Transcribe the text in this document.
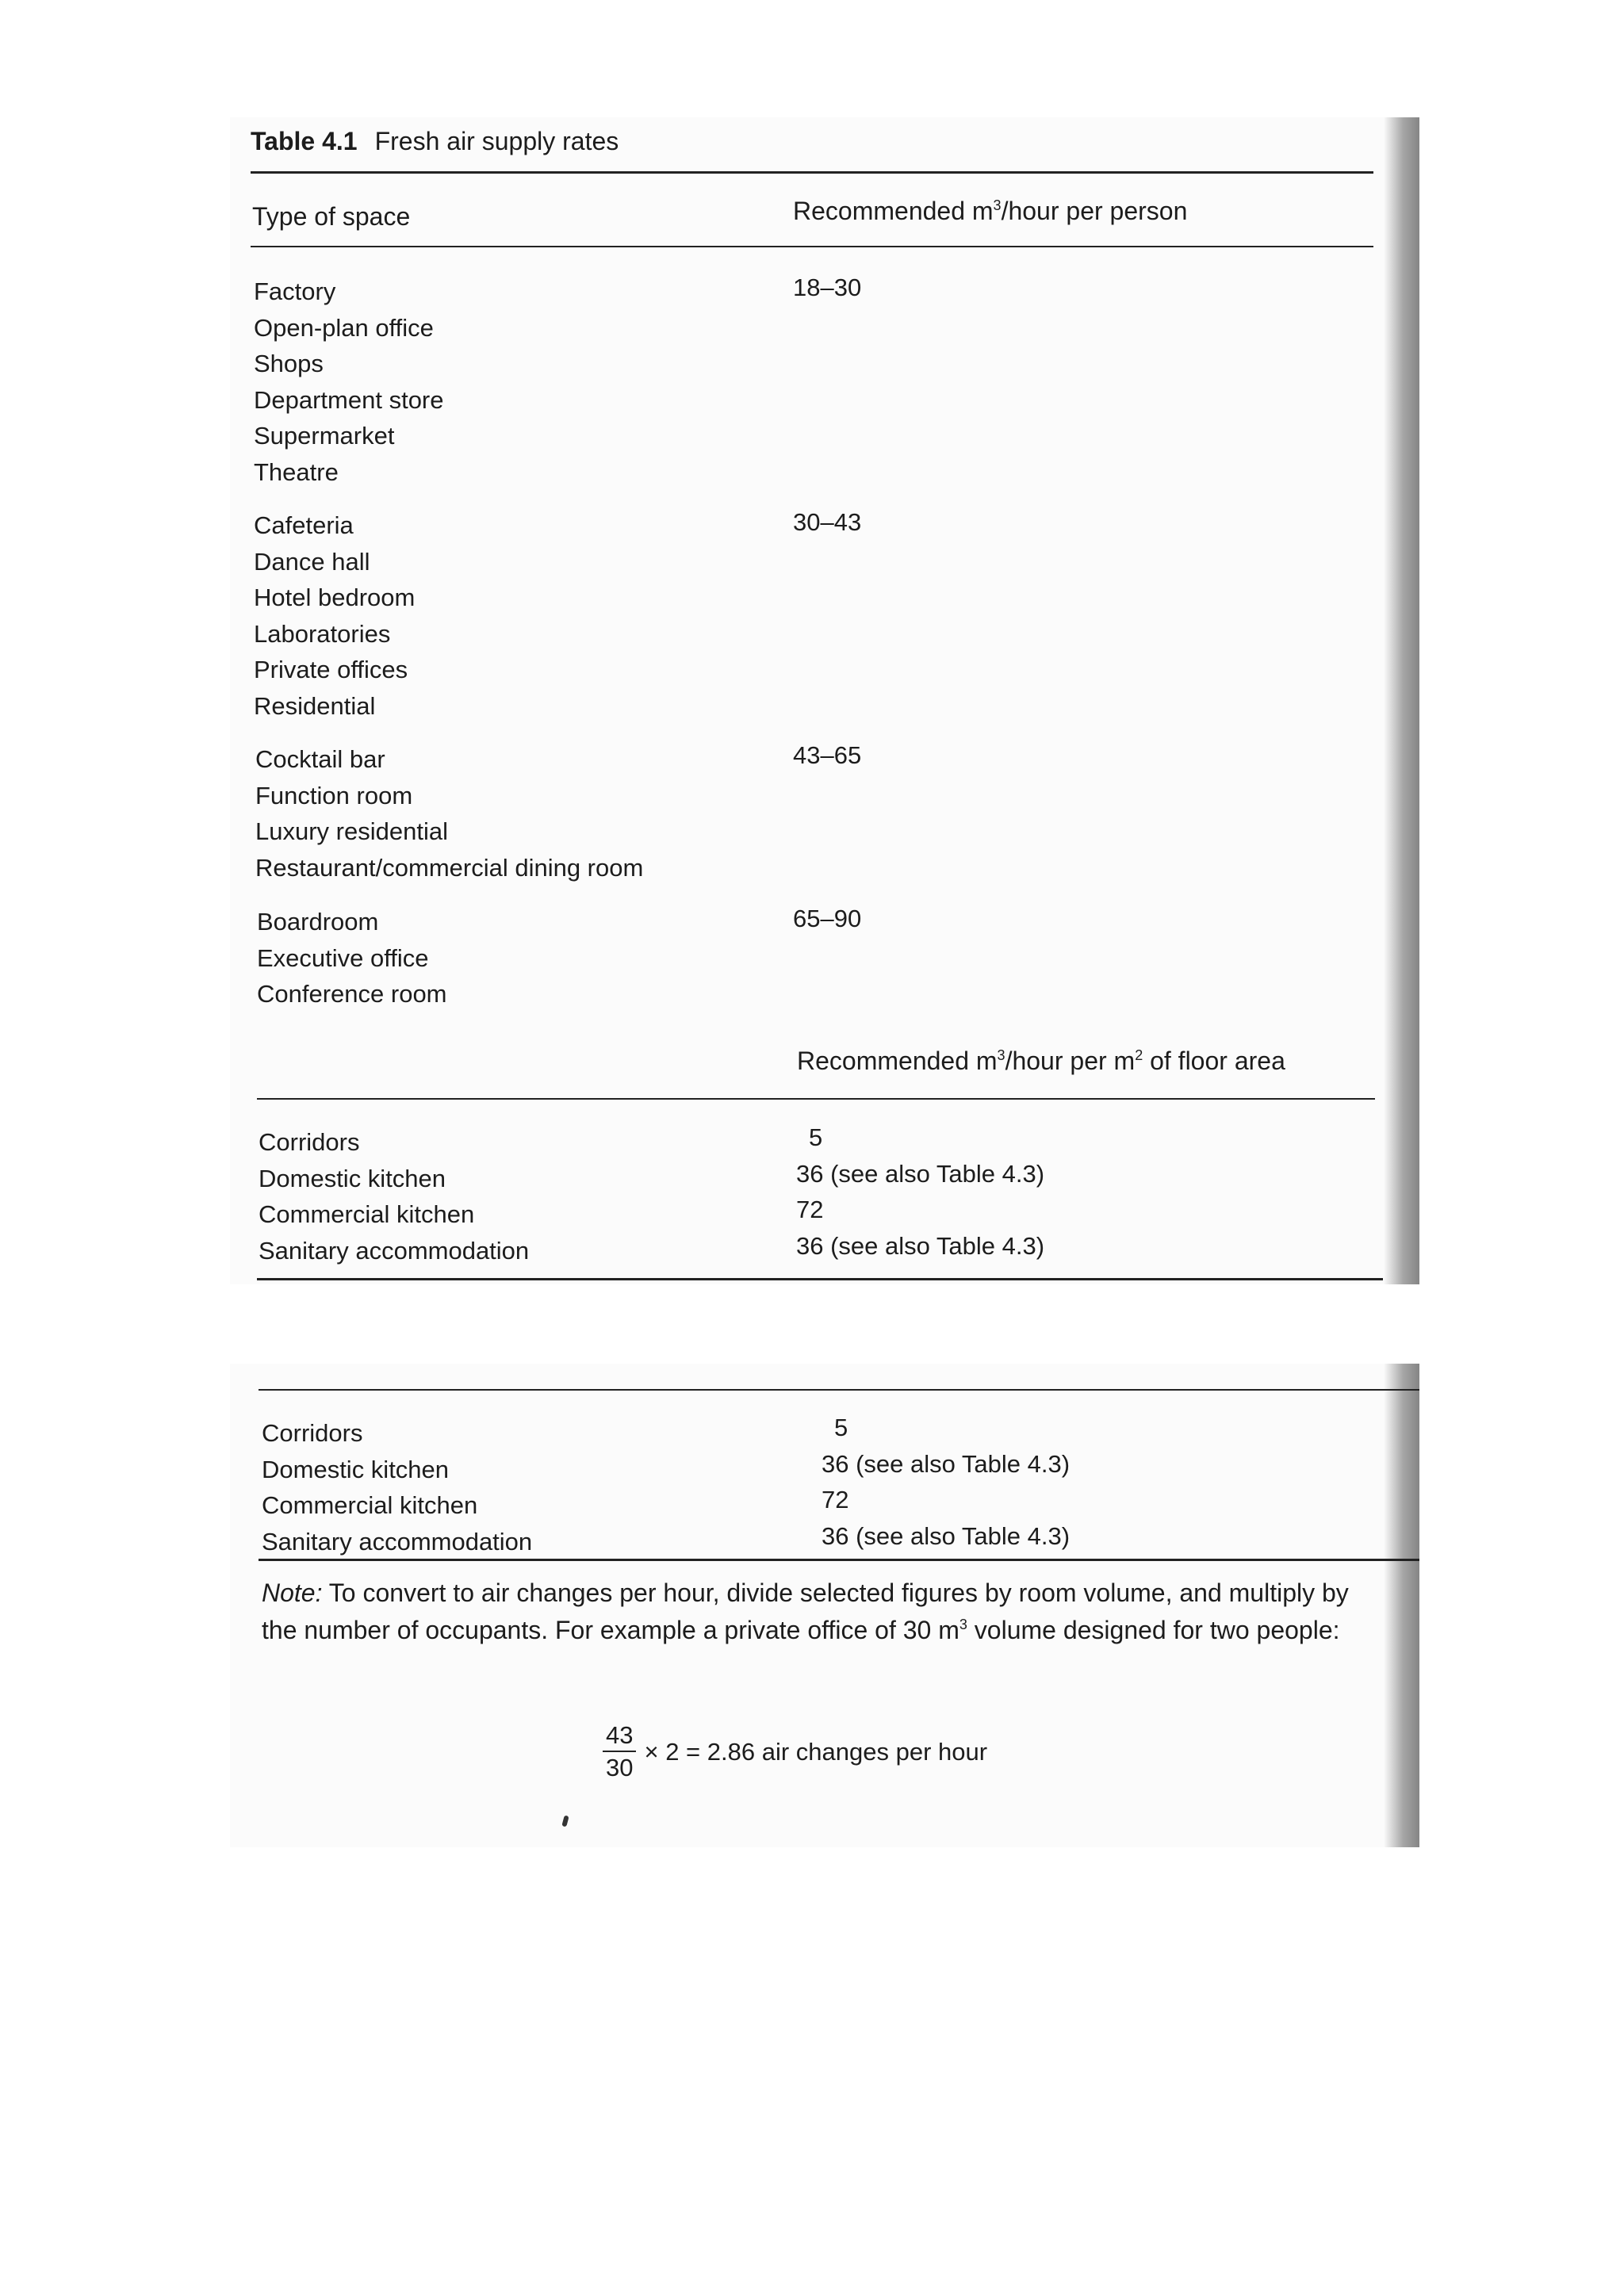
Table 4.1 Fresh air supply rates
Type of space	Recommended $m^3$/hour per person
Factory
Open-plan office
Shops
Department store
Supermarket
Theatre
18–30
Cafeteria
Dance hall
Hotel bedroom
Laboratories
Private offices
Residential
30–43
Cocktail bar
Function room
Luxury residential
Restaurant/commercial dining room
43–65
Boardroom
Executive office
Conference room
65–90
Recommended $m^3$/hour per $m^2$ of floor area
Corridors
Domestic kitchen
Commercial kitchen
Sanitary accommodation
5
36 (see also Table 4.3)
72
36 (see also Table 4.3)
Corridors
Domestic kitchen
Commercial kitchen
Sanitary accommodation
5
36 (see also Table 4.3)
72
36 (see also Table 4.3)
Note: To convert to air changes per hour, divide selected figures by room volume, and multiply by the number of occupants. For example a private office of 30 $m^3$ volume designed for two people:
$\frac{43}{30} \times 2 = 2.86$ air changes per hour
